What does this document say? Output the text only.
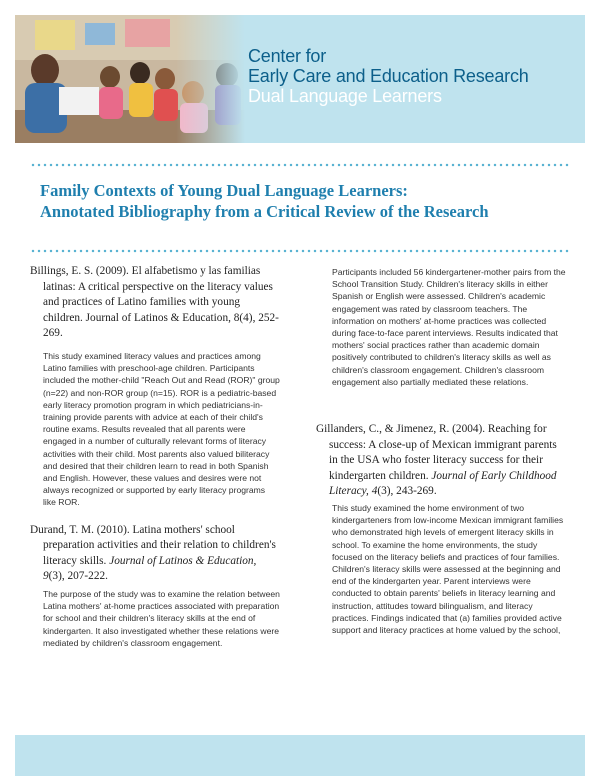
Center for
Early Care and Education Research
Dual Language Learners
Family Contexts of Young Dual Language Learners:
Annotated Bibliography from a Critical Review of the Research

Billings, E. S. (2009). El alfabetismo y las familias latinas: A critical perspective on the literacy values and practices of Latino families with young children. Journal of Latinos & Education, 8(4), 252-269.

This study examined literacy values and practices among Latino families with preschool-age children. Participants included the mother-child "Reach Out and Read (ROR)" group (n=22) and non-ROR group (n=15). ROR is a pediatric-based early literacy promotion program in which pediatricians-in-training provide parents with advice at each of their child's routine exams. Results revealed that all parents were engaged in a number of culturally relevant forms of literacy activities with their child. Most parents also valued biliteracy and desired that their children learn to read in both Spanish and English. However, these values and desires were not always recognized or supported by early literacy programs like ROR.

Durand, T. M. (2010). Latina mothers' school preparation activities and their relation to children's literacy skills. Journal of Latinos & Education, 9(3), 207-222.

The purpose of the study was to examine the relation between Latina mothers' at-home practices associated with preparation for school and their children's literacy skills at the end of kindergarten. It also investigated whether these relations were mediated by children's classroom engagement.

Participants included 56 kindergartener-mother pairs from the School Transition Study. Children's literacy skills in either Spanish or English were assessed. Children's academic engagement was rated by classroom teachers. The information on mothers' at-home practices was collected during face-to-face parent interviews. Results indicated that mothers' social practices rather than academic domain positively contributed to children's literacy skills as well as children's classroom engagement. Children's classroom engagement also partially mediated these relations.

Gillanders, C., & Jimenez, R. (2004). Reaching for success: A close-up of Mexican immigrant parents in the USA who foster literacy success for their kindergarten children. Journal of Early Childhood Literacy, 4(3), 243-269.

This study examined the home environment of two kindergarteners from low-income Mexican immigrant families who demonstrated high levels of emergent literacy skills in school. To examine the home environments, the study focused on the literacy beliefs and practices of four families. Children's literacy skills were assessed at the beginning and end of the kindergarten year. Parent interviews were conducted to obtain parents' beliefs in literacy learning and instruction, attitudes toward bilingualism, and literacy practices. Findings indicated that (a) families provided active support and literacy practices at home valued by the school,
